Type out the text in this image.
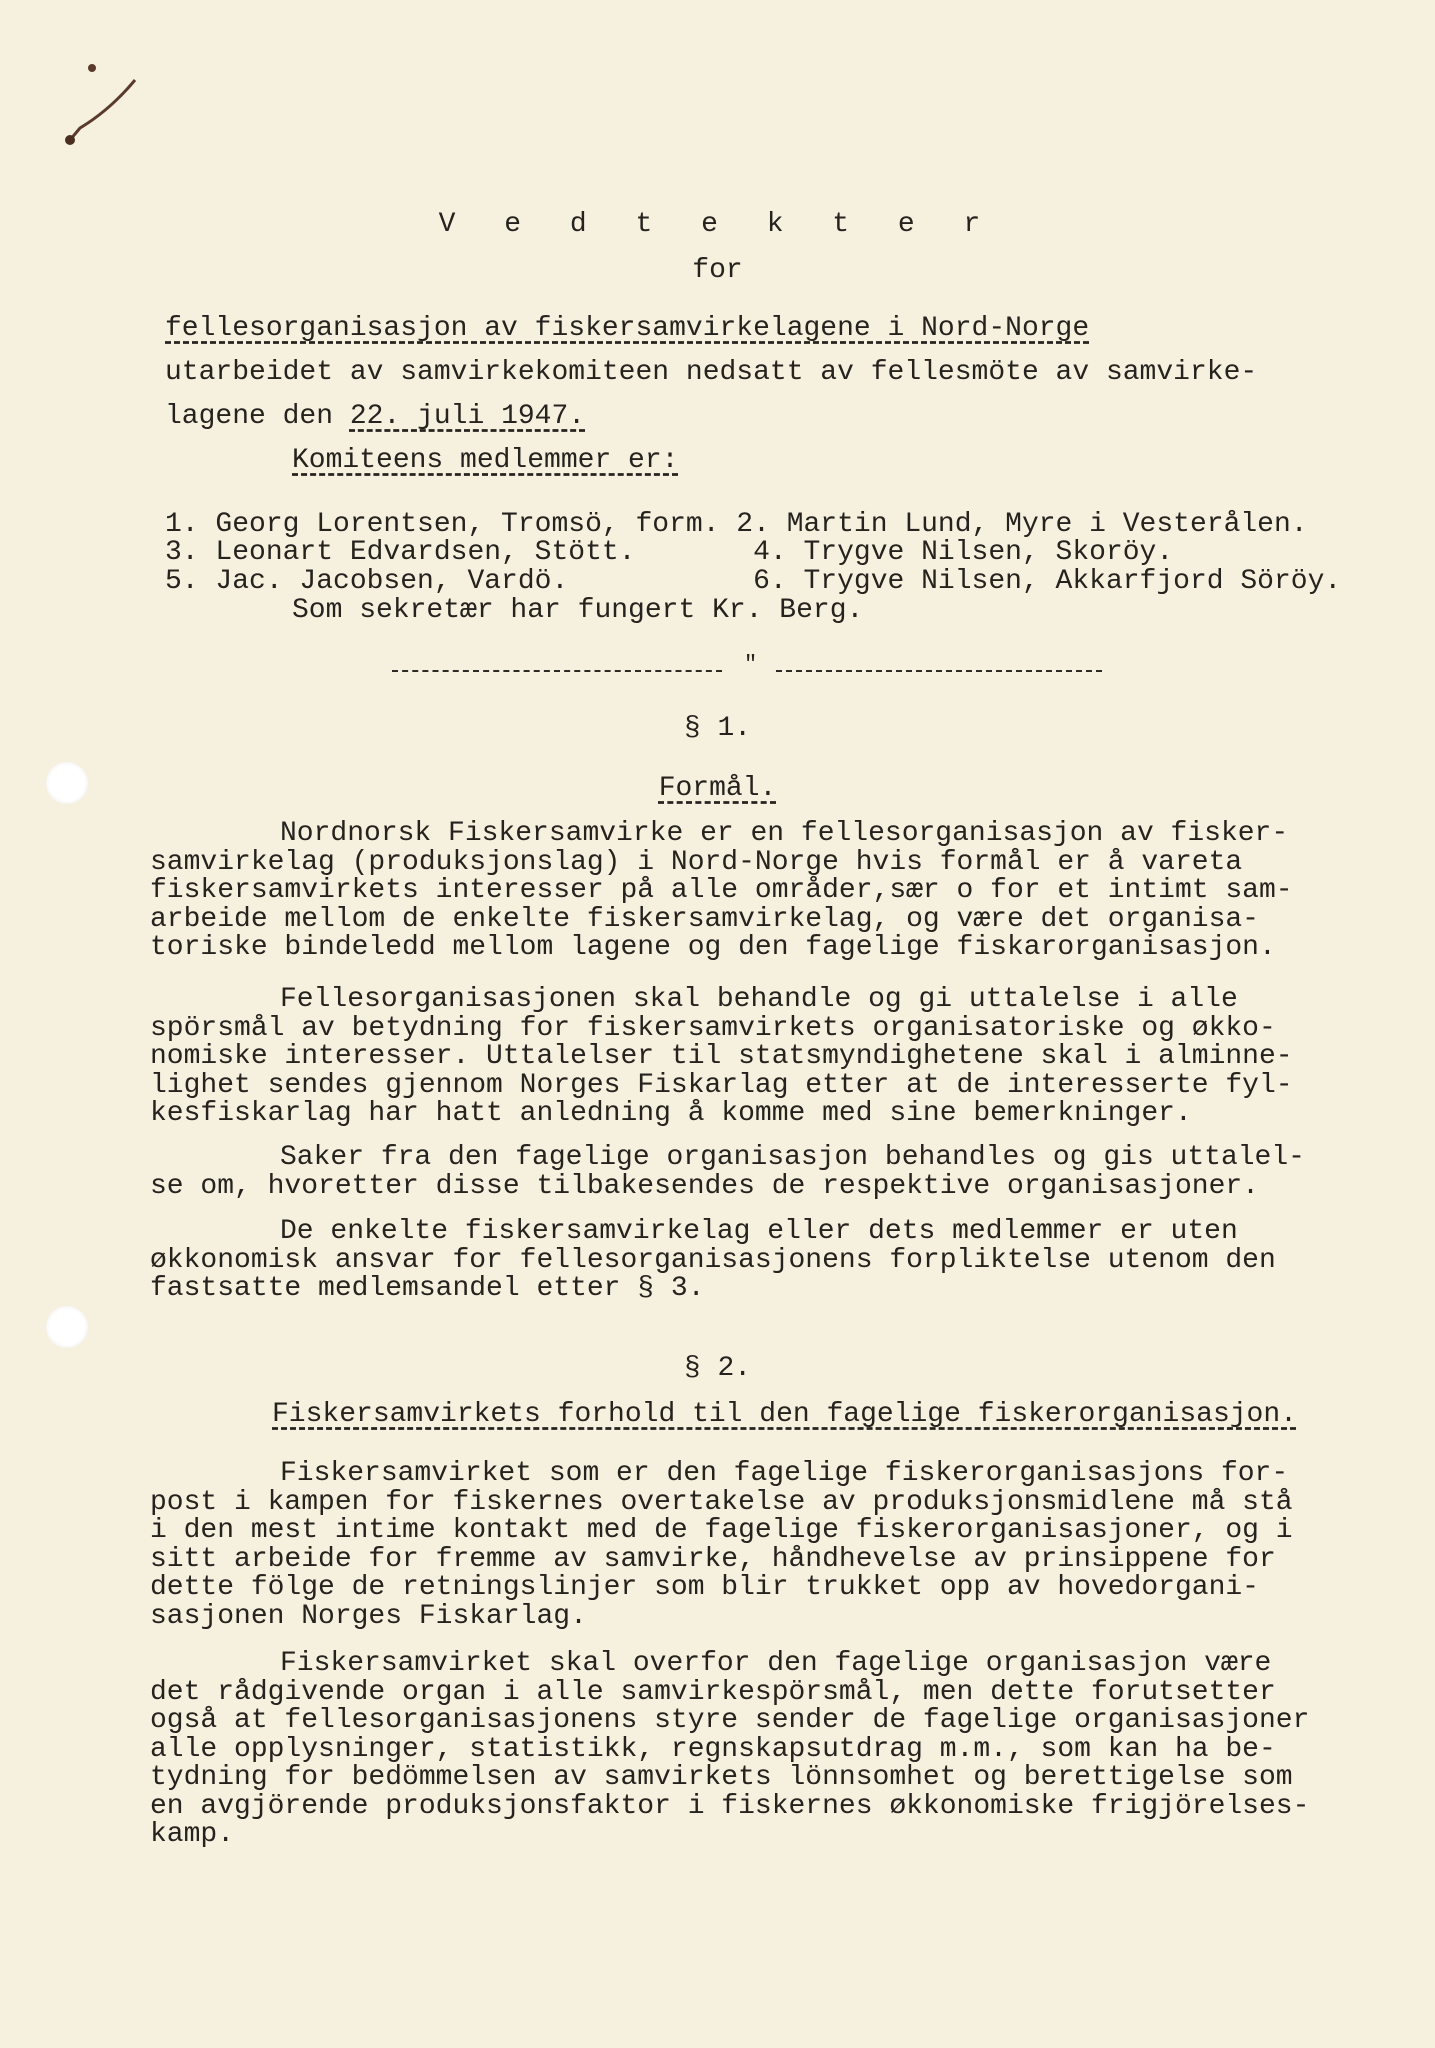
V e d t e k t e r
for
fellesorganisasjon av fiskersamvirkelagene i Nord-Norge
utarbeidet av samvirkekomiteen nedsatt av fellesmöte av samvirke-
lagene den 22. juli 1947.
Komiteens medlemmer er:
1. Georg Lorentsen, Tromsö, form. 2. Martin Lund, Myre i Vesterålen.
3. Leonart Edvardsen, Stött.       4. Trygve Nilsen, Skoröy.
5. Jac. Jacobsen, Vardö.           6. Trygve Nilsen, Akkarfjord Söröy.
Som sekretær har fungert Kr. Berg.
"
§ 1.
Formål.
Nordnorsk Fiskersamvirke er en fellesorganisasjon av fisker-
samvirkelag (produksjonslag) i Nord-Norge hvis formål er å vareta
fiskersamvirkets interesser på alle områder,sær o for et intimt sam-
arbeide mellom de enkelte fiskersamvirkelag, og være det organisa-
toriske bindeledd mellom lagene og den fagelige fiskarorganisasjon.
Fellesorganisasjonen skal behandle og gi uttalelse i alle
spörsmål av betydning for fiskersamvirkets organisatoriske og økko-
nomiske interesser. Uttalelser til statsmyndighetene skal i alminne-
lighet sendes gjennom Norges Fiskarlag etter at de interesserte fyl-
kesfiskarlag har hatt anledning å komme med sine bemerkninger.
Saker fra den fagelige organisasjon behandles og gis uttalel-
se om, hvoretter disse tilbakesendes de respektive organisasjoner.
De enkelte fiskersamvirkelag eller dets medlemmer er uten
økkonomisk ansvar for fellesorganisasjonens forpliktelse utenom den
fastsatte medlemsandel etter § 3.
§ 2.
Fiskersamvirkets forhold til den fagelige fiskerorganisasjon.
Fiskersamvirket som er den fagelige fiskerorganisasjons for-
post i kampen for fiskernes overtakelse av produksjonsmidlene må stå
i den mest intime kontakt med de fagelige fiskerorganisasjoner, og i
sitt arbeide for fremme av samvirke, håndhevelse av prinsippene for
dette fölge de retningslinjer som blir trukket opp av hovedorgani-
sasjonen Norges Fiskarlag.
Fiskersamvirket skal overfor den fagelige organisasjon være
det rådgivende organ i alle samvirkespörsmål, men dette forutsetter
også at fellesorganisasjonens styre sender de fagelige organisasjoner
alle opplysninger, statistikk, regnskapsutdrag m.m., som kan ha be-
tydning for bedömmelsen av samvirkets lönnsomhet og berettigelse som
en avgjörende produksjonsfaktor i fiskernes økkonomiske frigjörelses-
kamp.
